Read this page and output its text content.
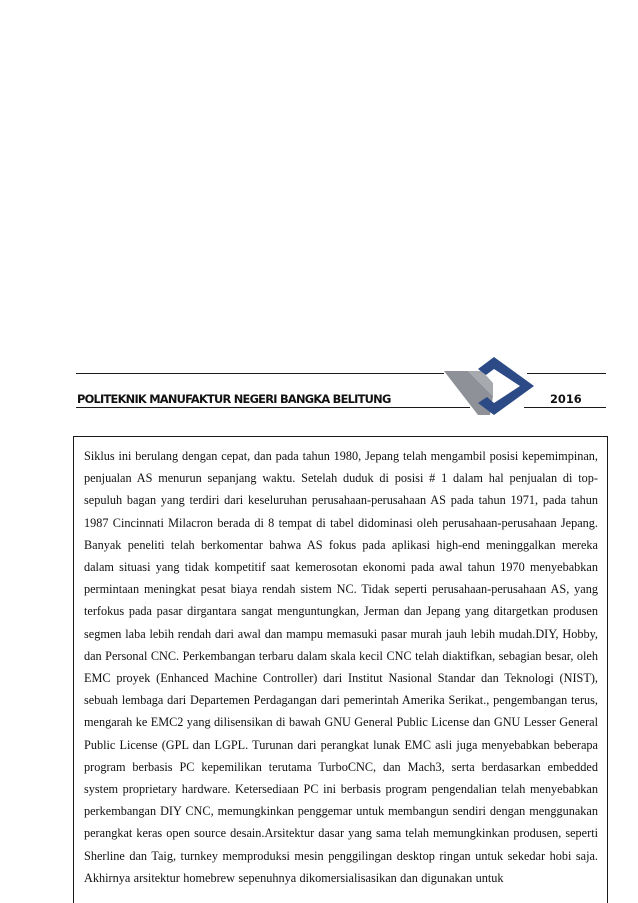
POLITEKNIK MANUFAKTUR NEGERI BANGKA BELITUNG	2016

Siklus ini berulang dengan cepat, dan pada tahun 1980, Jepang telah mengambil posisi kepemimpinan, penjualan AS menurun sepanjang waktu. Setelah duduk di posisi # 1 dalam hal penjualan di top-sepuluh bagan yang terdiri dari keseluruhan perusahaan-perusahaan AS pada tahun 1971, pada tahun 1987 Cincinnati Milacron berada di 8 tempat di tabel didominasi oleh perusahaan-perusahaan Jepang. Banyak peneliti telah berkomentar bahwa AS fokus pada aplikasi high-end meninggalkan mereka dalam situasi yang tidak kompetitif saat kemerosotan ekonomi pada awal tahun 1970 menyebabkan permintaan meningkat pesat biaya rendah sistem NC. Tidak seperti perusahaan-perusahaan AS, yang terfokus pada pasar dirgantara sangat menguntungkan, Jerman dan Jepang yang ditargetkan produsen segmen laba lebih rendah dari awal dan mampu memasuki pasar murah jauh lebih mudah.DIY, Hobby, dan Personal CNC. Perkembangan terbaru dalam skala kecil CNC telah diaktifkan, sebagian besar, oleh EMC proyek (Enhanced Machine Controller) dari Institut Nasional Standar dan Teknologi (NIST), sebuah lembaga dari Departemen Perdagangan dari pemerintah Amerika Serikat., pengembangan terus, mengarah ke EMC2 yang dilisensikan di bawah GNU General Public License dan GNU Lesser General Public License (GPL dan LGPL. Turunan dari perangkat lunak EMC asli juga menyebabkan beberapa program berbasis PC kepemilikan terutama TurboCNC, dan Mach3, serta berdasarkan embedded system proprietary hardware. Ketersediaan PC ini berbasis program pengendalian telah menyebabkan perkembangan DIY CNC, memungkinkan penggemar untuk membangun sendiri dengan menggunakan perangkat keras open source desain.Arsitektur dasar yang sama telah memungkinkan produsen, seperti Sherline dan Taig, turnkey memproduksi mesin penggilingan desktop ringan untuk sekedar hobi saja. Akhirnya arsitektur homebrew sepenuhnya dikomersialisasikan dan digunakan untuk
